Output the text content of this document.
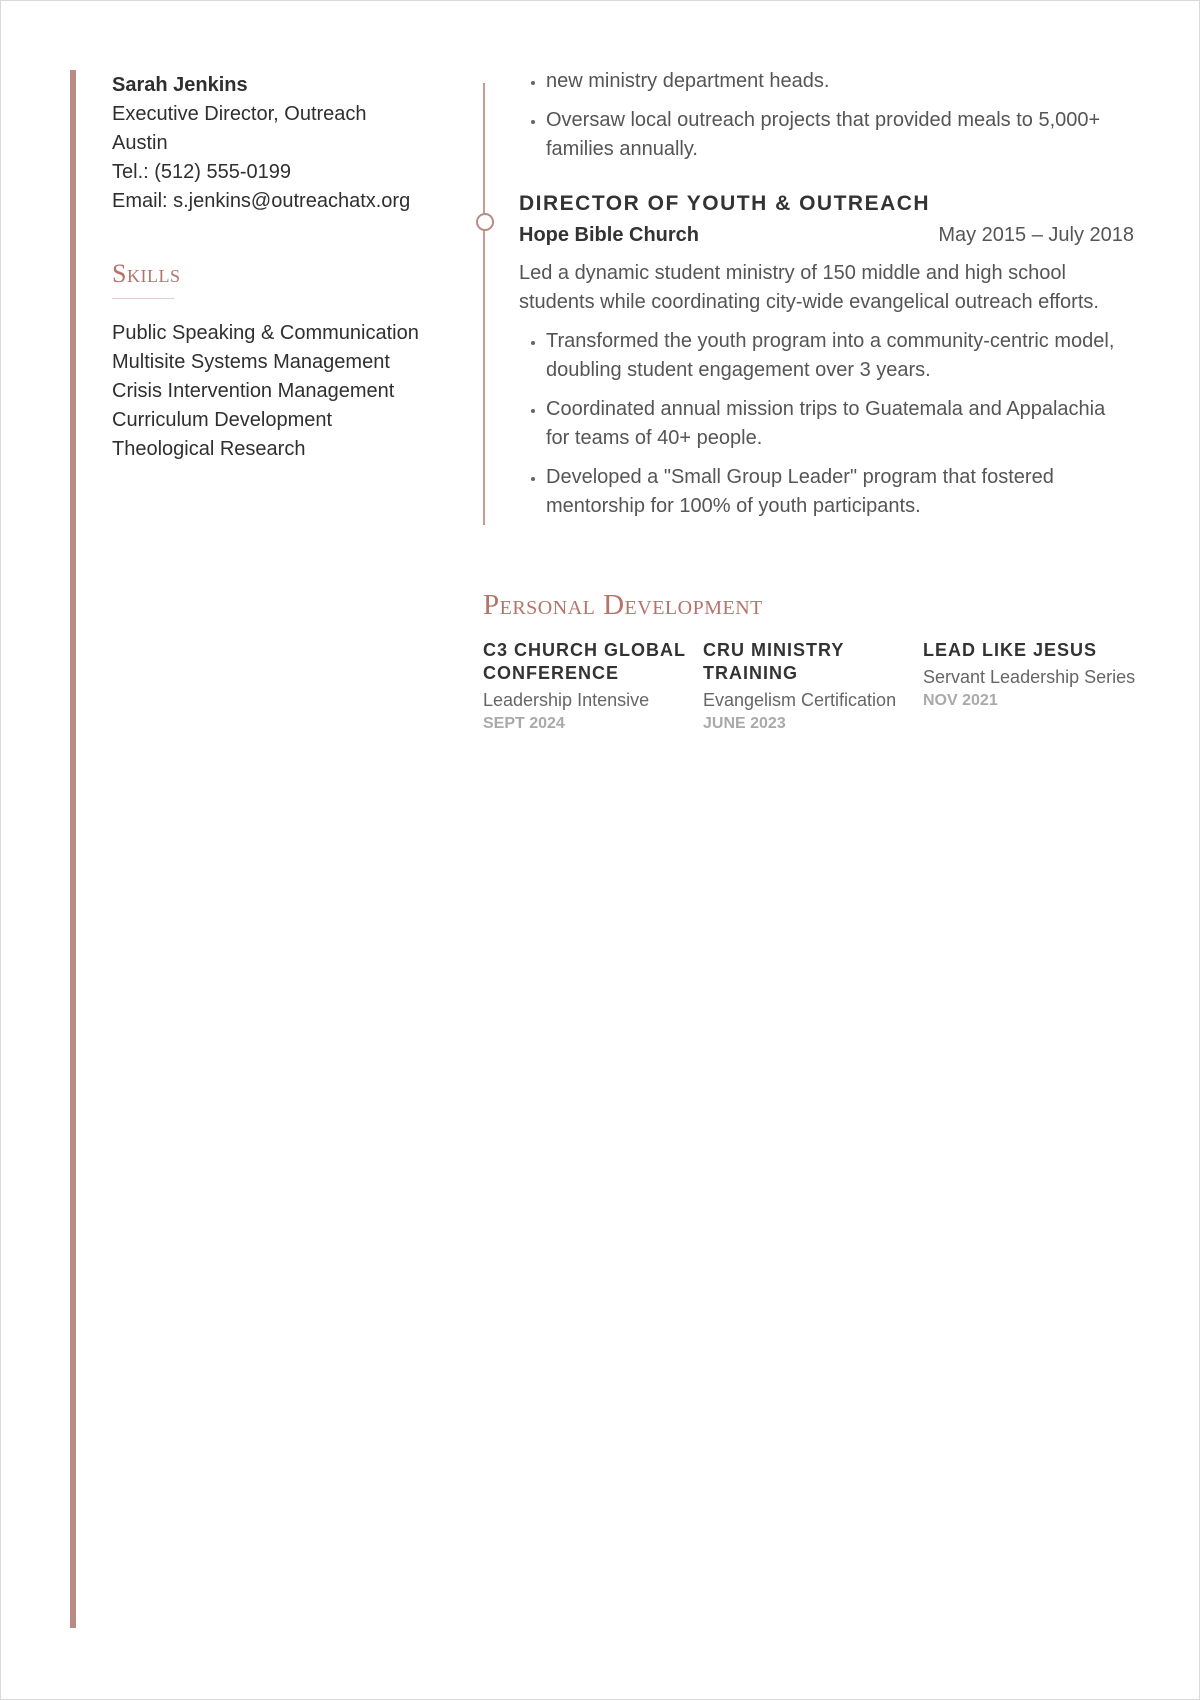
Sarah Jenkins
Executive Director, Outreach
Austin
Tel.: (512) 555-0199
Email: s.jenkins@outreachatx.org
Skills
Public Speaking & Communication
Multisite Systems Management
Crisis Intervention Management
Curriculum Development
Theological Research
• new ministry department heads.
• Oversaw local outreach projects that provided meals to 5,000+ families annually.
DIRECTOR OF YOUTH & OUTREACH
Hope Bible Church	May 2015 – July 2018
Led a dynamic student ministry of 150 middle and high school students while coordinating city-wide evangelical outreach efforts.
• Transformed the youth program into a community-centric model, doubling student engagement over 3 years.
• Coordinated annual mission trips to Guatemala and Appalachia for teams of 40+ people.
• Developed a "Small Group Leader" program that fostered mentorship for 100% of youth participants.
Personal Development
C3 CHURCH GLOBAL CONFERENCE
Leadership Intensive
SEPT 2024
CRU MINISTRY TRAINING
Evangelism Certification
JUNE 2023
LEAD LIKE JESUS
Servant Leadership Series
NOV 2021
